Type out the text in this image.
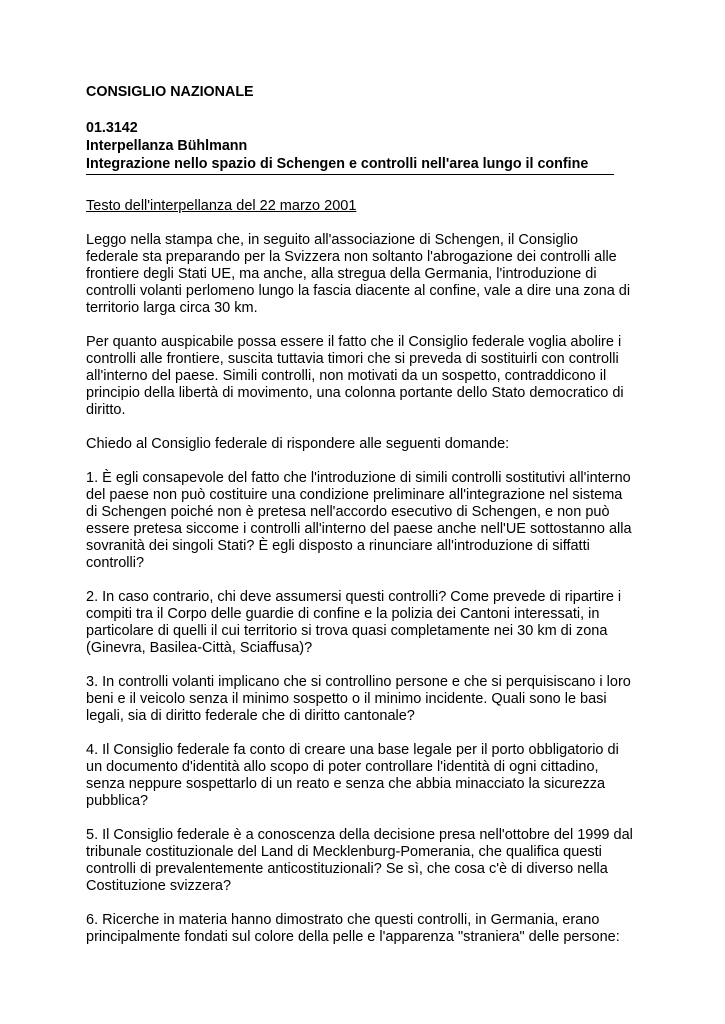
CONSIGLIO NAZIONALE

01.3142

Interpellanza Bühlmann

Integrazione nello spazio di Schengen e controlli nell'area lungo il confine

Testo dell'interpellanza del 22 marzo 2001

Leggo nella stampa che, in seguito all'associazione di Schengen, il Consiglio
federale sta preparando per la Svizzera non soltanto l'abrogazione dei controlli alle
frontiere degli Stati UE, ma anche, alla stregua della Germania, l'introduzione di
controlli volanti perlomeno lungo la fascia diacente al confine, vale a dire una zona di
territorio larga circa 30 km.

Per quanto auspicabile possa essere il fatto che il Consiglio federale voglia abolire i
controlli alle frontiere, suscita tuttavia timori che si preveda di sostituirli con controlli
all'interno del paese. Simili controlli, non motivati da un sospetto, contraddicono il
principio della libertà di movimento, una colonna portante dello Stato democratico di
diritto.

Chiedo al Consiglio federale di rispondere alle seguenti domande:

1. È egli consapevole del fatto che l'introduzione di simili controlli sostitutivi all'interno
del paese non può costituire una condizione preliminare all'integrazione nel sistema
di Schengen poiché non è pretesa nell'accordo esecutivo di Schengen, e non può
essere pretesa siccome i controlli all'interno del paese anche nell'UE sottostanno alla
sovranità dei singoli Stati? È egli disposto a rinunciare all'introduzione di siffatti
controlli?

2. In caso contrario, chi deve assumersi questi controlli? Come prevede di ripartire i
compiti tra il Corpo delle guardie di confine e la polizia dei Cantoni interessati, in
particolare di quelli il cui territorio si trova quasi completamente nei 30 km di zona
(Ginevra, Basilea-Città, Sciaffusa)?

3. In controlli volanti implicano che si controllino persone e che si perquisiscano i loro
beni e il veicolo senza il minimo sospetto o il minimo incidente. Quali sono le basi
legali, sia di diritto federale che di diritto cantonale?

4. Il Consiglio federale fa conto di creare una base legale per il porto obbligatorio di
un documento d'identità allo scopo di poter controllare l'identità di ogni cittadino,
senza neppure sospettarlo di un reato e senza che abbia minacciato la sicurezza
pubblica?

5. Il Consiglio federale è a conoscenza della decisione presa nell'ottobre del 1999 dal
tribunale costituzionale del Land di Mecklenburg-Pomerania, che qualifica questi
controlli di prevalentemente anticostituzionali? Se sì, che cosa c'è di diverso nella
Costituzione svizzera?

6. Ricerche in materia hanno dimostrato che questi controlli, in Germania, erano
principalmente fondati sul colore della pelle e l'apparenza "straniera" delle persone:
